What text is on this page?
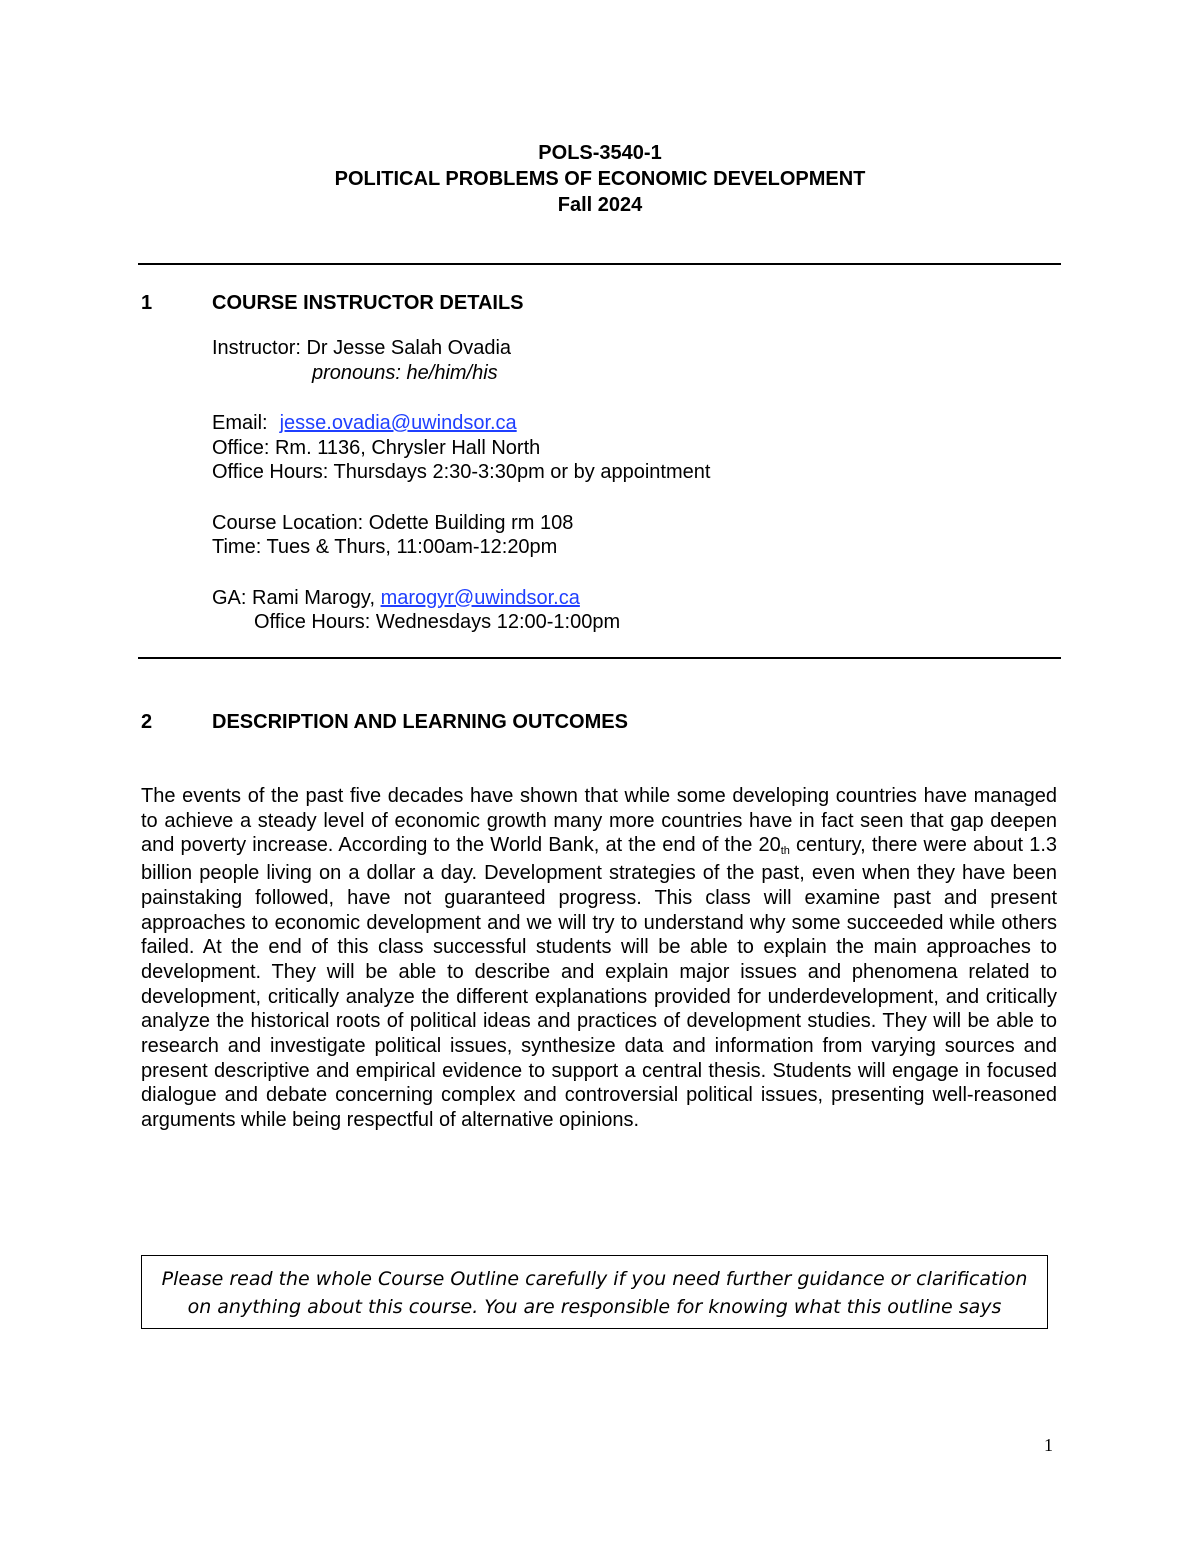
POLS-3540-1
POLITICAL PROBLEMS OF ECONOMIC DEVELOPMENT
Fall 2024
1	COURSE INSTRUCTOR DETAILS
Instructor: Dr Jesse Salah Ovadia
pronouns: he/him/his
Email: jesse.ovadia@uwindsor.ca
Office: Rm. 1136, Chrysler Hall North
Office Hours: Thursdays 2:30-3:30pm or by appointment
Course Location: Odette Building rm 108
Time: Tues & Thurs, 11:00am-12:20pm
GA: Rami Marogy, marogyr@uwindsor.ca
Office Hours: Wednesdays 12:00-1:00pm
2	DESCRIPTION AND LEARNING OUTCOMES
The events of the past five decades have shown that while some developing countries have managed to achieve a steady level of economic growth many more countries have in fact seen that gap deepen and poverty increase. According to the World Bank, at the end of the 20th century, there were about 1.3 billion people living on a dollar a day. Development strategies of the past, even when they have been painstaking followed, have not guaranteed progress. This class will examine past and present approaches to economic development and we will try to understand why some succeeded while others failed. At the end of this class successful students will be able to explain the main approaches to development. They will be able to describe and explain major issues and phenomena related to development, critically analyze the different explanations provided for underdevelopment, and critically analyze the historical roots of political ideas and practices of development studies. They will be able to research and investigate political issues, synthesize data and information from varying sources and present descriptive and empirical evidence to support a central thesis. Students will engage in focused dialogue and debate concerning complex and controversial political issues, presenting well-reasoned arguments while being respectful of alternative opinions.
Please read the whole Course Outline carefully if you need further guidance or clarification
on anything about this course. You are responsible for knowing what this outline says
1
